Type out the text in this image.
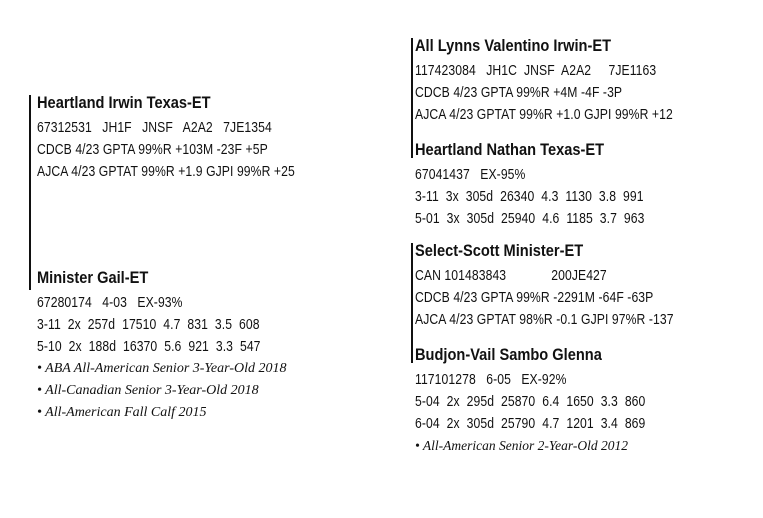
Heartland Irwin Texas-ET
67312531   JH1F   JNSF   A2A2   7JE1354
CDCB 4/23 GPTA 99%R +103M -23F +5P
AJCA 4/23 GPTAT 99%R +1.9 GJPI 99%R +25
Minister Gail-ET
67280174   4-03   EX-93%
3-11  2x  257d  17510  4.7  831  3.5  608
5-10  2x  188d  16370  5.6  921  3.3  547
• ABA All-American Senior 3-Year-Old 2018
• All-Canadian Senior 3-Year-Old 2018
• All-American Fall Calf 2015
All Lynns Valentino Irwin-ET
117423084   JH1C  JNSF  A2A2     7JE1163
CDCB 4/23 GPTA 99%R +4M -4F -3P
AJCA 4/23 GPTAT 99%R +1.0 GJPI 99%R +12
Heartland Nathan Texas-ET
67041437   EX-95%
3-11  3x  305d  26340  4.3  1130  3.8  991
5-01  3x  305d  25940  4.6  1185  3.7  963
Select-Scott Minister-ET
CAN 101483843             200JE427
CDCB 4/23 GPTA 99%R -2291M -64F -63P
AJCA 4/23 GPTAT 98%R -0.1 GJPI 97%R -137
Budjon-Vail Sambo Glenna
117101278   6-05   EX-92%
5-04  2x  295d  25870  6.4  1650  3.3  860
6-04  2x  305d  25790  4.7  1201  3.4  869
• All-American Senior 2-Year-Old 2012
